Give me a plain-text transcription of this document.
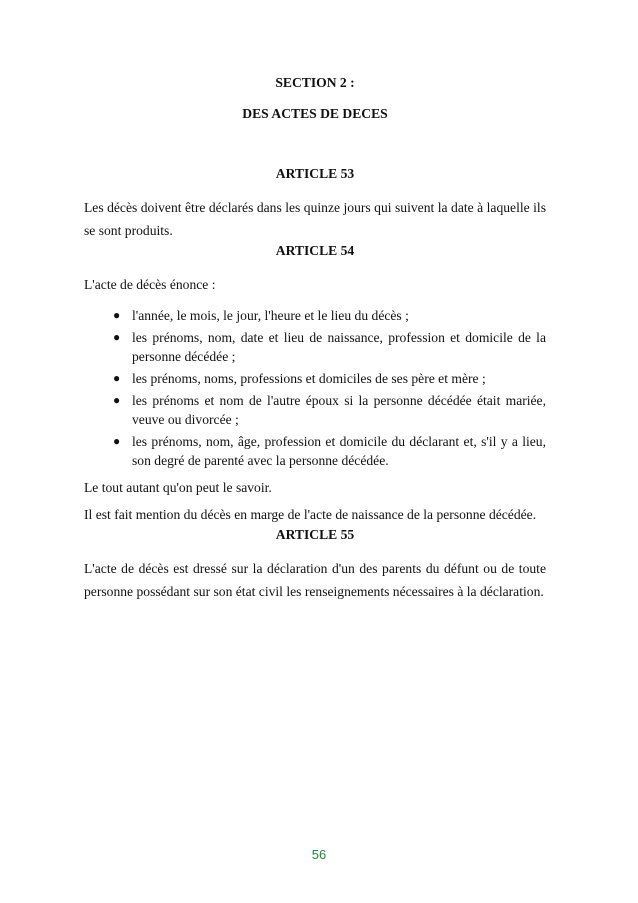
SECTION 2 :
DES ACTES DE DECES
ARTICLE 53

Les décès doivent être déclarés dans les quinze jours qui suivent la date à laquelle ils se sont produits.

ARTICLE 54

L'acte de décès énonce :

● l'année, le mois, le jour, l'heure et le lieu du décès ;
● les prénoms, nom, date et lieu de naissance, profession et domicile de la personne décédée ;
● les prénoms, noms, professions et domiciles de ses père et mère ;
● les prénoms et nom de l'autre époux si la personne décédée était mariée, veuve ou divorcée ;
● les prénoms, nom, âge, profession et domicile du déclarant et, s'il y a lieu, son degré de parenté avec la personne décédée.

Le tout autant qu'on peut le savoir.

Il est fait mention du décès en marge de l'acte de naissance de la personne décédée.

ARTICLE 55

L'acte de décès est dressé sur la déclaration d'un des parents du défunt ou de toute personne possédant sur son état civil les renseignements nécessaires à la déclaration.

56
